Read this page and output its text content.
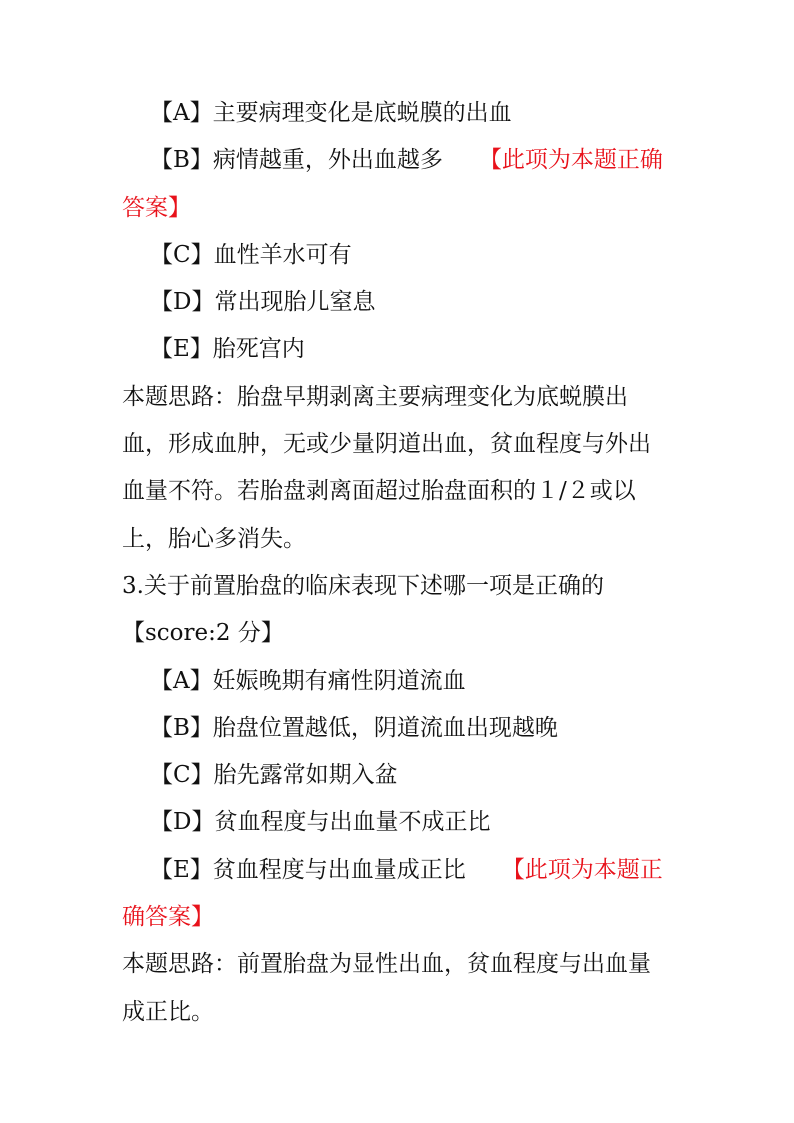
【A】主要病理变化是底蜕膜的出血

【B】病情越重，外出血越多 【此项为本题正确

答案】

【C】血性羊水可有

【D】常出现胎儿窒息

【E】胎死宫内

本题思路：胎盘早期剥离主要病理变化为底蜕膜出

血，形成血肿，无或少量阴道出血，贫血程度与外出

血量不符。若胎盘剥离面超过胎盘面积的１/２或以

上，胎心多消失。

3.关于前置胎盘的临床表现下述哪一项是正确的

【score:2 分】

【A】妊娠晚期有痛性阴道流血

【B】胎盘位置越低，阴道流血出现越晚

【C】胎先露常如期入盆

【D】贫血程度与出血量不成正比

【E】贫血程度与出血量成正比 【此项为本题正

确答案】

本题思路：前置胎盘为显性出血，贫血程度与出血量

成正比。
